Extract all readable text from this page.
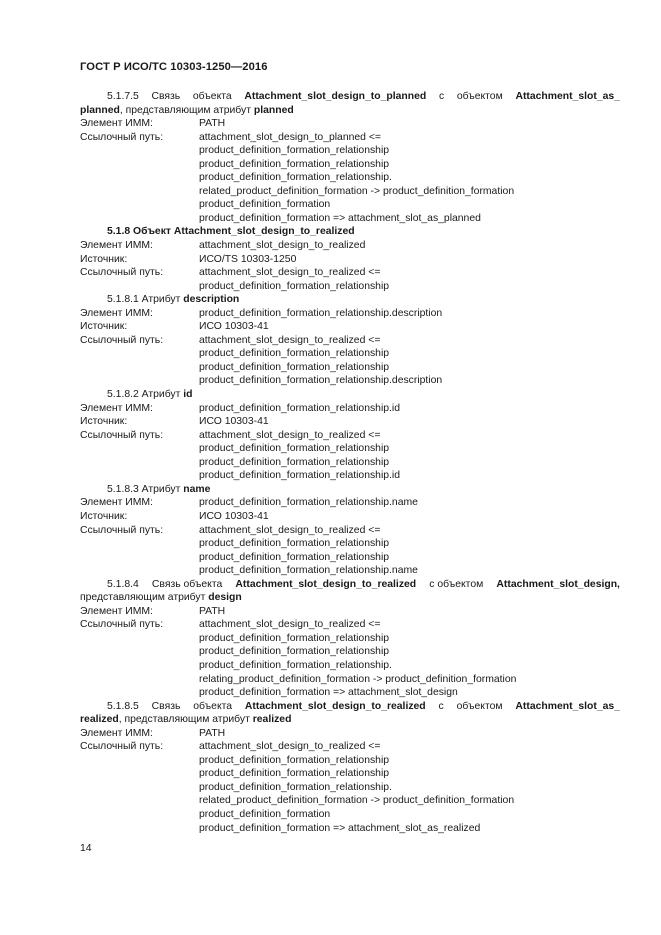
ГОСТ Р ИСО/ТС 10303-1250—2016
5.1.7.5 Связь объекта Attachment_slot_design_to_planned с объектом Attachment_slot_as_
planned, представляющим атрибут planned
Элемент ИММ:	PATH
Ссылочный путь:	attachment_slot_design_to_planned <=
product_definition_formation_relationship
product_definition_formation_relationship
product_definition_formation_relationship.
related_product_definition_formation -> product_definition_formation
product_definition_formation
product_definition_formation => attachment_slot_as_planned
5.1.8 Объект Attachment_slot_design_to_realized
Элемент ИММ:	attachment_slot_design_to_realized
Источник:	ИСО/TS 10303-1250
Ссылочный путь:	attachment_slot_design_to_realized <=
product_definition_formation_relationship
5.1.8.1 Атрибут description
Элемент ИММ:	product_definition_formation_relationship.description
Источник:	ИСО 10303-41
Ссылочный путь:	attachment_slot_design_to_realized <=
product_definition_formation_relationship
product_definition_formation_relationship
product_definition_formation_relationship.description
5.1.8.2 Атрибут id
Элемент ИММ:	product_definition_formation_relationship.id
Источник:	ИСО 10303-41
Ссылочный путь:	attachment_slot_design_to_realized <=
product_definition_formation_relationship
product_definition_formation_relationship
product_definition_formation_relationship.id
5.1.8.3 Атрибут name
Элемент ИММ:	product_definition_formation_relationship.name
Источник:	ИСО 10303-41
Ссылочный путь:	attachment_slot_design_to_realized <=
product_definition_formation_relationship
product_definition_formation_relationship
product_definition_formation_relationship.name
5.1.8.4 Связь объекта Attachment_slot_design_to_realized с объектом Attachment_slot_design,
представляющим атрибут design
Элемент ИММ:	PATH
Ссылочный путь:	attachment_slot_design_to_realized <=
product_definition_formation_relationship
product_definition_formation_relationship
product_definition_formation_relationship.
relating_product_definition_formation -> product_definition_formation
product_definition_formation => attachment_slot_design
5.1.8.5 Связь объекта Attachment_slot_design_to_realized с объектом Attachment_slot_as_
realized, представляющим атрибут realized
Элемент ИММ:	PATH
Ссылочный путь:	attachment_slot_design_to_realized <=
product_definition_formation_relationship
product_definition_formation_relationship
product_definition_formation_relationship.
related_product_definition_formation -> product_definition_formation
product_definition_formation
product_definition_formation => attachment_slot_as_realized
14
